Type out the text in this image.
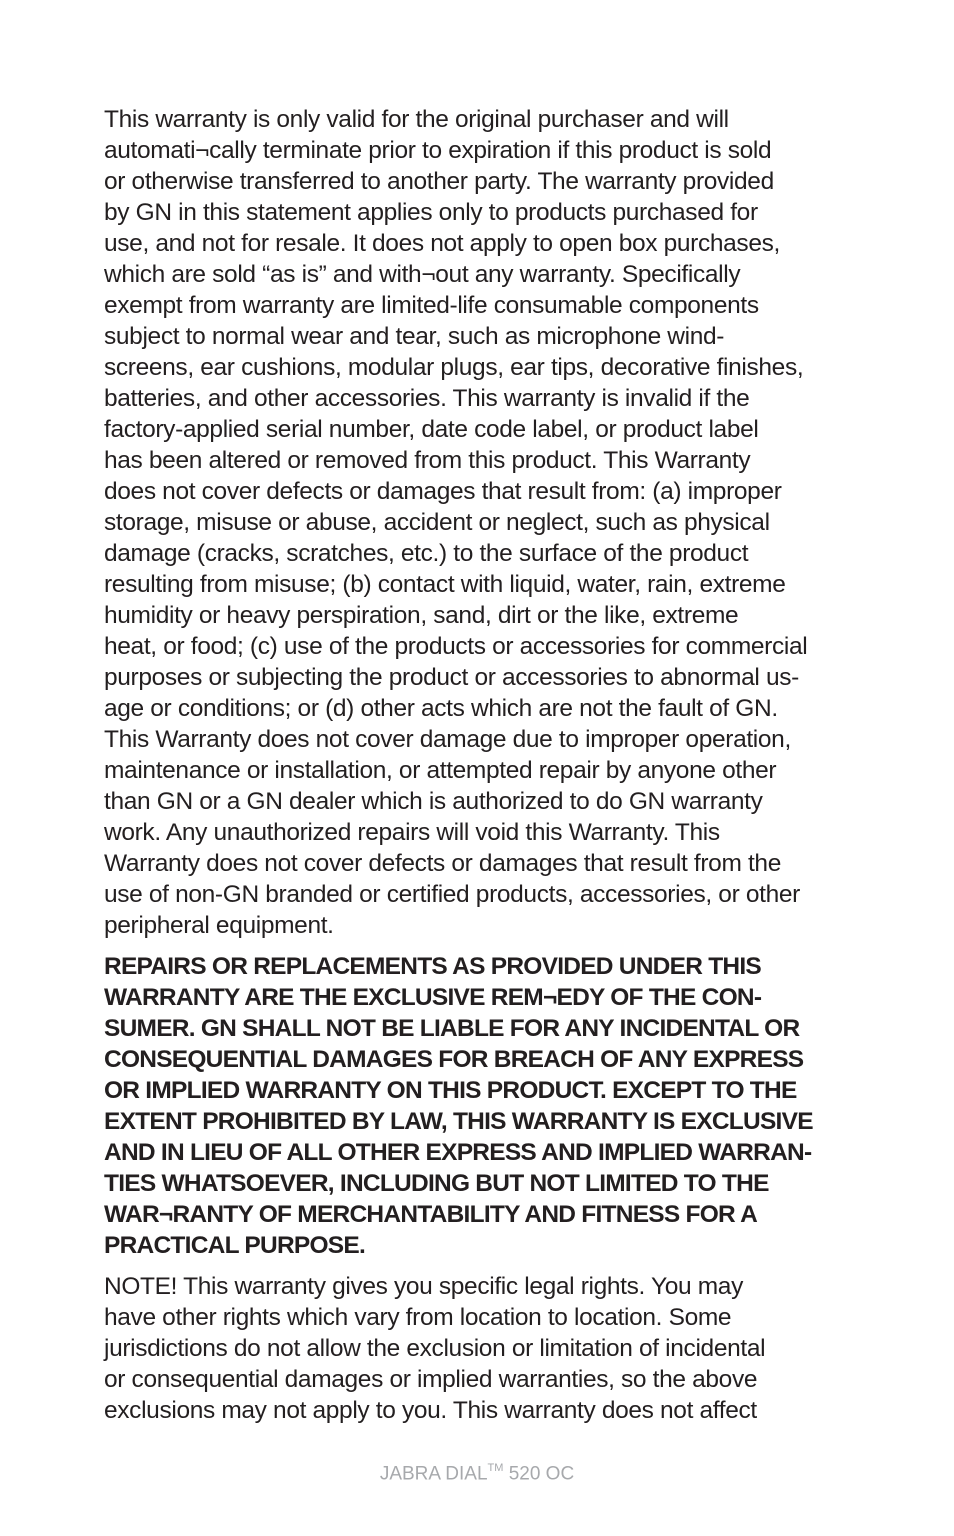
This warranty is only valid for the original purchaser and will
automati¬cally terminate prior to expiration if this product is sold
or otherwise transferred to another party. The warranty provided
by GN in this statement applies only to products purchased for
use, and not for resale. It does not apply to open box purchases,
which are sold “as is” and with¬out any warranty. Specifically
exempt from warranty are limited-life consumable components
subject to normal wear and tear, such as microphone wind-
screens, ear cushions, modular plugs, ear tips, decorative finishes,
batteries, and other accessories. This warranty is invalid if the
factory-applied serial number, date code label, or product label
has been altered or removed from this product. This Warranty
does not cover defects or damages that result from: (a) improper
storage, misuse or abuse, accident or neglect, such as physical
damage (cracks, scratches, etc.) to the surface of the product
resulting from misuse; (b) contact with liquid, water, rain, extreme
humidity or heavy perspiration, sand, dirt or the like, extreme
heat, or food; (c) use of the products or accessories for commercial
purposes or subjecting the product or accessories to abnormal us-
age or conditions; or (d) other acts which are not the fault of GN.
This Warranty does not cover damage due to improper operation,
maintenance or installation, or attempted repair by anyone other
than GN or a GN dealer which is authorized to do GN warranty
work. Any unauthorized repairs will void this Warranty. This
Warranty does not cover defects or damages that result from the
use of non-GN branded or certified products, accessories, or other
peripheral equipment.

REPAIRS OR REPLACEMENTS AS PROVIDED UNDER THIS
WARRANTY ARE THE EXCLUSIVE REM¬EDY OF THE CON-
SUMER. GN SHALL NOT BE LIABLE FOR ANY INCIDENTAL OR
CONSEQUENTIAL DAMAGES FOR BREACH OF ANY EXPRESS
OR IMPLIED WARRANTY ON THIS PRODUCT. EXCEPT TO THE
EXTENT PROHIBITED BY LAW, THIS WARRANTY IS EXCLUSIVE
AND IN LIEU OF ALL OTHER EXPRESS AND IMPLIED WARRAN-
TIES WHATSOEVER, INCLUDING BUT NOT LIMITED TO THE
WAR¬RANTY OF MERCHANTABILITY AND FITNESS FOR A
PRACTICAL PURPOSE.

NOTE! This warranty gives you specific legal rights. You may
have other rights which vary from location to location. Some
jurisdictions do not allow the exclusion or limitation of incidental
or consequential damages or implied warranties, so the above
exclusions may not apply to you. This warranty does not affect

JABRA DIAL™ 520 OC
